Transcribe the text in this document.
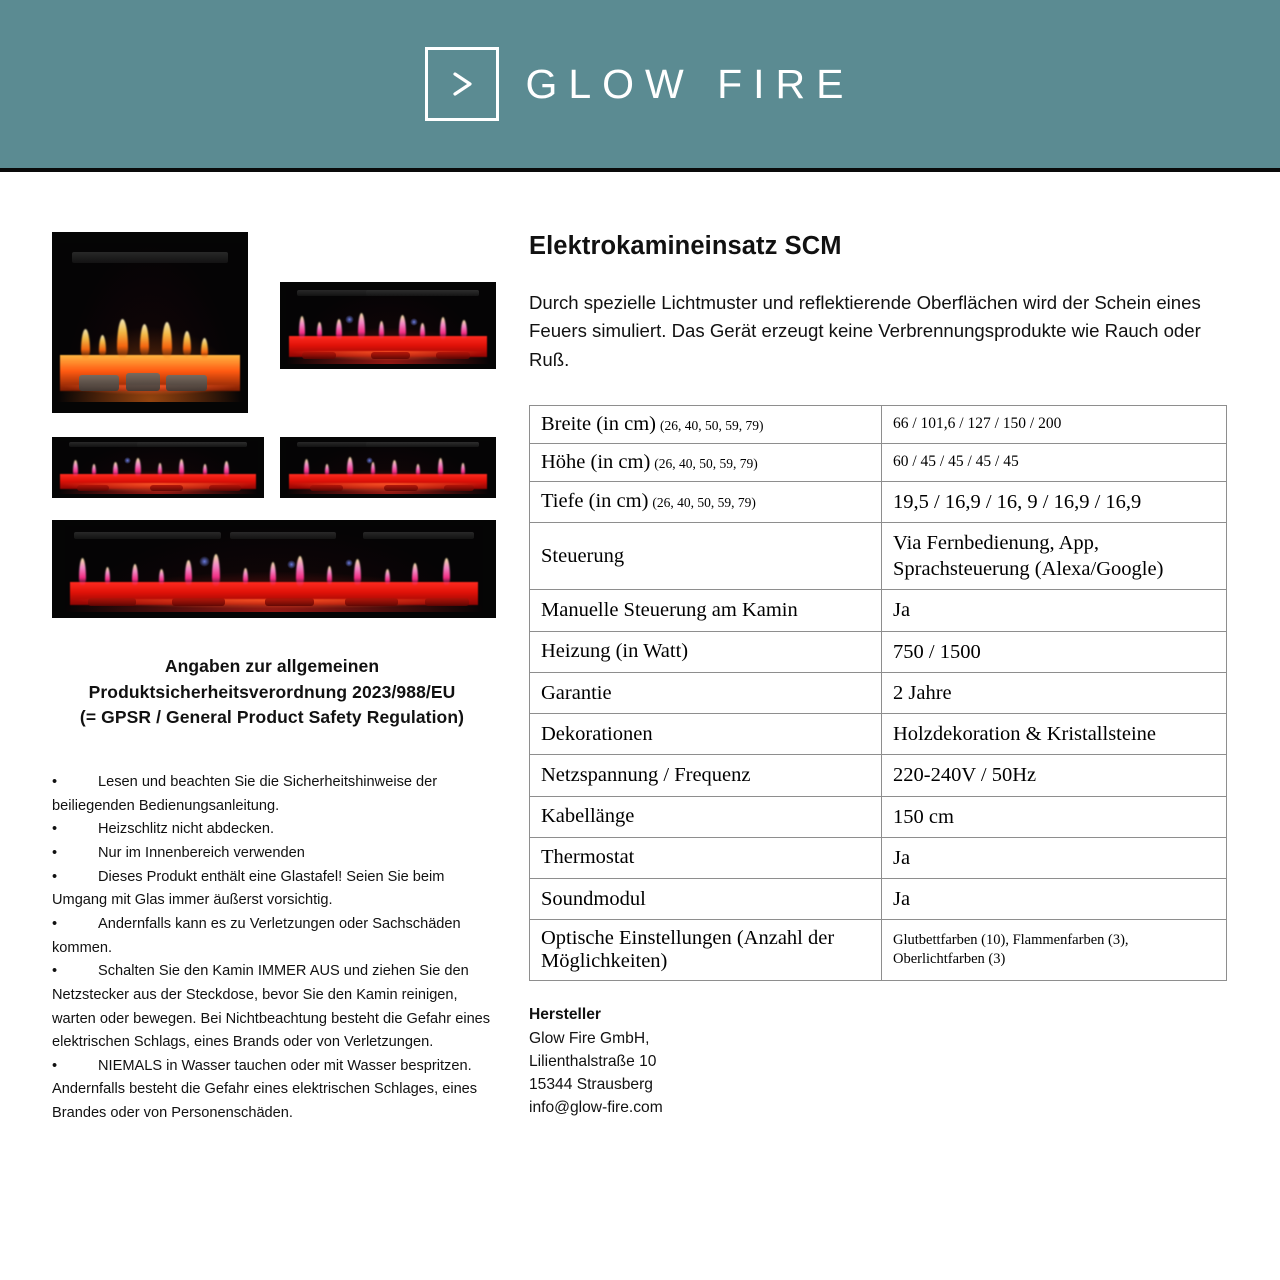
GLOW FIRE
Angaben zur allgemeinen
Produktsicherheitsverordnung 2023/988/EU
(= GPSR / General Product Safety Regulation)

•	Lesen und beachten Sie die Sicherheitshinweise der beiliegenden Bedienungsanleitung.

•	Heizschlitz nicht abdecken.

•	Nur im Innenbereich verwenden

•	Dieses Produkt enthält eine Glastafel! Seien Sie beim Umgang mit Glas immer äußerst vorsichtig.

•	Andernfalls kann es zu Verletzungen oder Sachschäden kommen.

•	Schalten Sie den Kamin IMMER AUS und ziehen Sie den Netzstecker aus der Steckdose, bevor Sie den Kamin reinigen, warten oder bewegen. Bei Nichtbeachtung besteht die Gefahr eines elektrischen Schlags, eines Brands oder von Verletzungen.

•	NIEMALS in Wasser tauchen oder mit Wasser bespritzen. Andernfalls besteht die Gefahr eines elektrischen Schlages, eines Brandes oder von Personenschäden.

Elektrokamineinsatz SCM

Durch spezielle Lichtmuster und reflektierende Oberflächen wird der Schein eines Feuers simuliert. Das Gerät erzeugt keine Verbrennungsprodukte wie Rauch oder Ruß.

Breite (in cm) (26, 40, 50, 59, 79)	66 / 101,6 / 127 / 150 / 200
Höhe (in cm) (26, 40, 50, 59, 79)	60 / 45 / 45 / 45 / 45
Tiefe (in cm) (26, 40, 50, 59, 79)	19,5 / 16,9 / 16, 9 / 16,9 / 16,9
Steuerung	Via Fernbedienung, App, Sprachsteuerung (Alexa/Google)
Manuelle Steuerung am Kamin	Ja
Heizung (in Watt)	750 / 1500
Garantie	2 Jahre
Dekorationen	Holzdekoration & Kristallsteine
Netzspannung / Frequenz	220-240V / 50Hz
Kabellänge	150 cm
Thermostat	Ja
Soundmodul	Ja
Optische Einstellungen (Anzahl der Möglichkeiten)	Glutbettfarben (10), Flammenfarben (3), Oberlichtfarben (3)
Hersteller
Glow Fire GmbH,
Lilienthalstraße 10
15344 Strausberg
info@glow-fire.com
